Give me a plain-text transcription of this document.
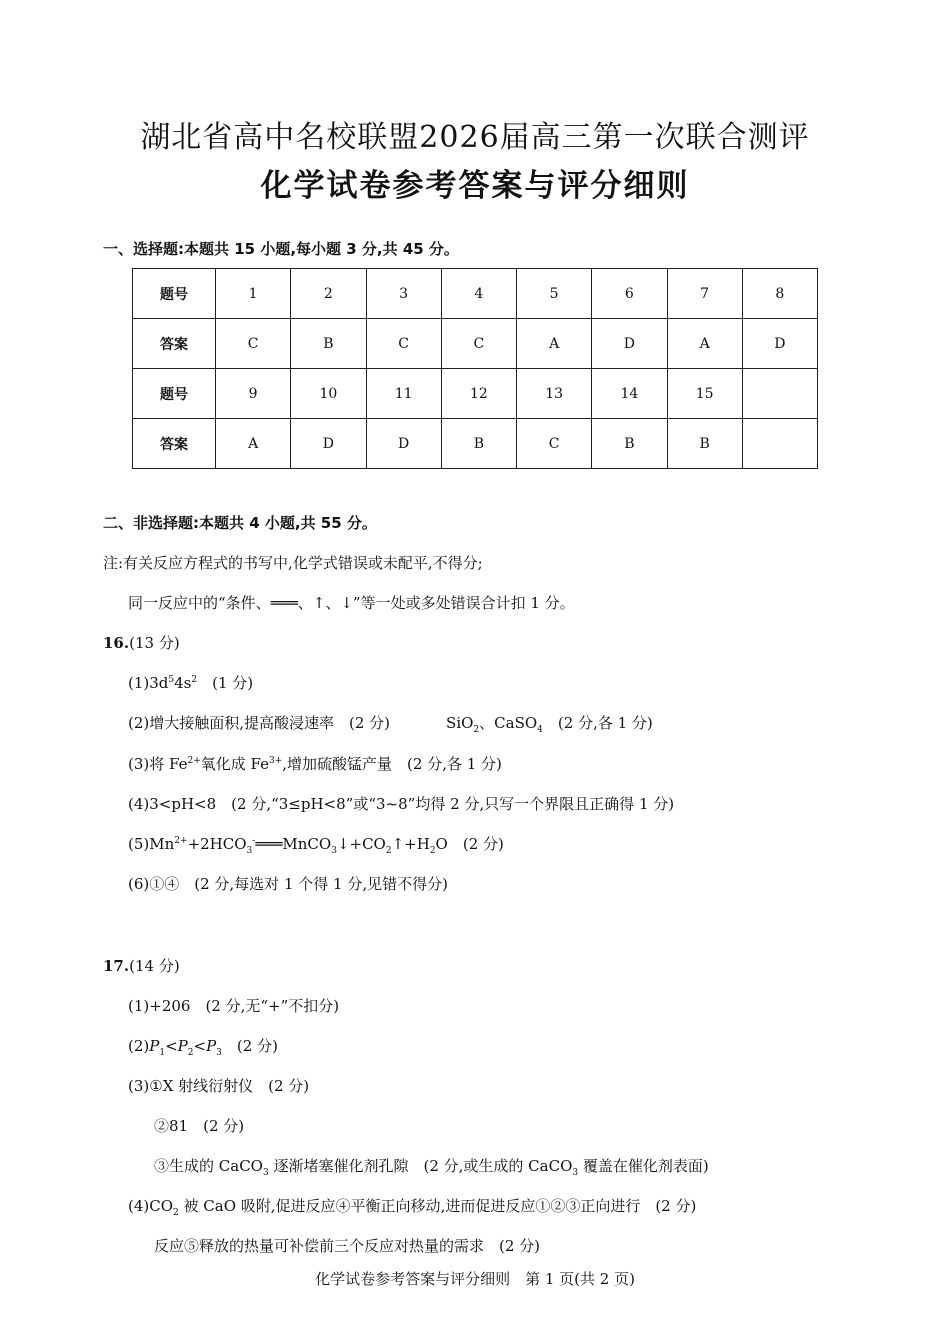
湖北省高中名校联盟2026届高三第一次联合测评
化学试卷参考答案与评分细则
一、选择题:本题共 15 小题,每小题 3 分,共 45 分。
题号	1	2	3	4	5	6	7	8
答案	C	B	C	C	A	D	A	D
题号	9	10	11	12	13	14	15	
答案	A	D	D	B	C	B	B	
二、非选择题:本题共 4 小题,共 55 分。
注:有关反应方程式的书写中,化学式错误或未配平,不得分;
同一反应中的“条件、═══、↑、↓”等一处或多处错误合计扣 1 分。
16.(13 分)
$(1)3d^54s^2$　 (1 分)
(2)增大接触面积,提高酸浸速率　(2 分)	SiO$_2$、CaSO$_4$　 (2 分,各 1 分)
(3)将 $Fe^{2+}$氧化成 $Fe^{3+}$,增加硫酸锰产量　(2 分,各 1 分)
(4)3<pH<8　(2 分,“3≤pH<8”或“3~8”均得 2 分,只写一个界限且正确得 1 分)
$(5)Mn^{2+}+2HCO_3^-═══MnCO_3↓+CO_2↑+H_2O$　(2 分)
(6)①④　(2 分,每选对 1 个得 1 分,见错不得分)
17.(14 分)
(1)+206　(2 分,无“+”不扣分)
$(2)P_1<P_2<P_3$　 (2 分)
(3)①X 射线衍射仪　(2 分)
②81　(2 分)
③生成的 CaCO$_3$ 逐渐堵塞催化剂孔隙　(2 分,或生成的 CaCO$_3$ 覆盖在催化剂表面)
$(4)CO_2$ 被 CaO 吸附,促进反应④平衡正向移动,进而促进反应①②③正向进行　(2 分)
反应⑤释放的热量可补偿前三个反应对热量的需求　(2 分)
化学试卷参考答案与评分细则　第 1 页(共 2 页)
